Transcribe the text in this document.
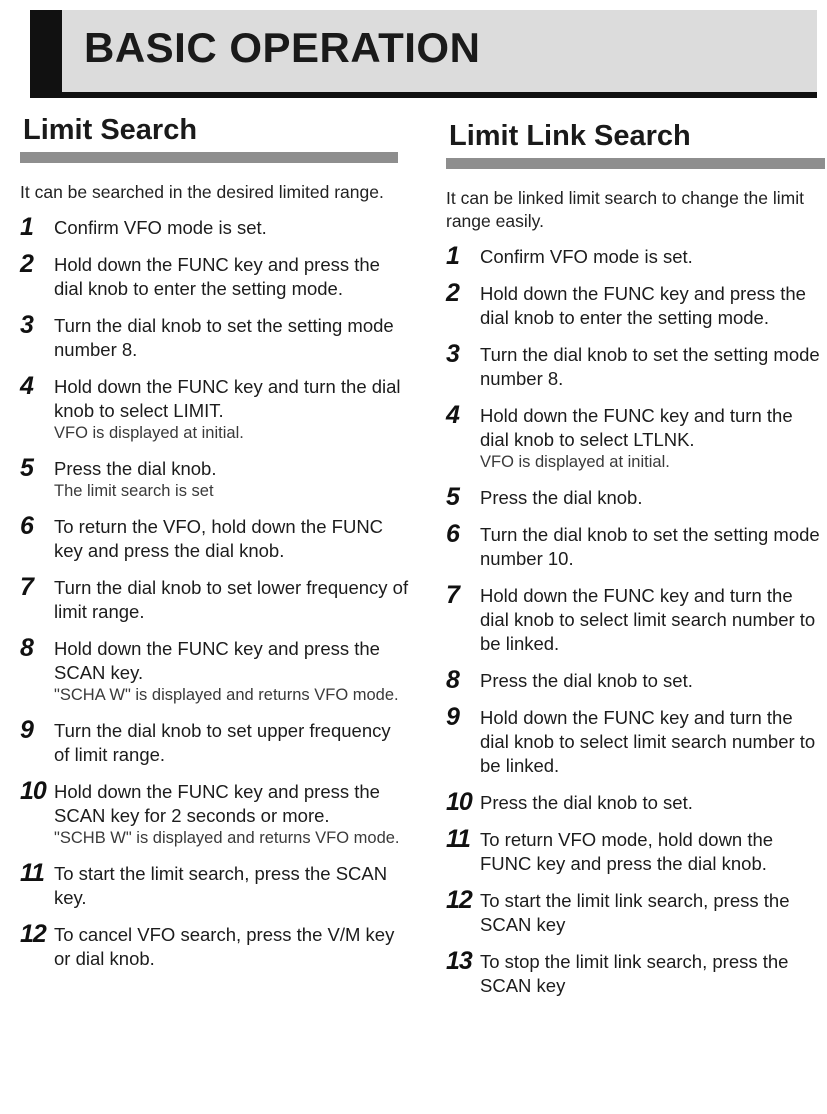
BASIC OPERATION
Limit Search

It can be searched in the desired limited range.

1 Confirm VFO mode is set.
2 Hold down the FUNC key and press the dial knob to enter the setting mode.
3 Turn the dial knob to set the setting mode number 8.
4 Hold down the FUNC key and turn the dial knob to select LIMIT.
VFO is displayed at initial.
5 Press the dial knob.
The limit search is set
6 To return the VFO, hold down the FUNC key and press the dial knob.
7 Turn the dial knob to set lower frequency of limit range.
8 Hold down the FUNC key and press the SCAN key.
"SCHA W" is displayed and returns VFO mode.
9 Turn the dial knob to set upper frequency of limit range.
10 Hold down the FUNC key and press the SCAN key for 2 seconds or more.
"SCHB W" is displayed and returns VFO mode.
11 To start the limit search, press the SCAN key.
12 To cancel VFO search, press the V/M key or dial knob.
Limit Link Search

It can be linked limit search to change the limit range easily.

1 Confirm VFO mode is set.
2 Hold down the FUNC key and press the dial knob to enter the setting mode.
3 Turn the dial knob to set the setting mode number 8.
4 Hold down the FUNC key and turn the dial knob to select LTLNK.
VFO is displayed at initial.
5 Press the dial knob.
6 Turn the dial knob to set the setting mode number 10.
7 Hold down the FUNC key and turn the dial knob to select limit search number to be linked.
8 Press the dial knob to set.
9 Hold down the FUNC key and turn the dial knob to select limit search number to be linked.
10 Press the dial knob to set.
11 To return VFO mode, hold down the FUNC key and press the dial knob.
12 To start the limit link search, press the SCAN key
13 To stop the limit link search, press the SCAN key
